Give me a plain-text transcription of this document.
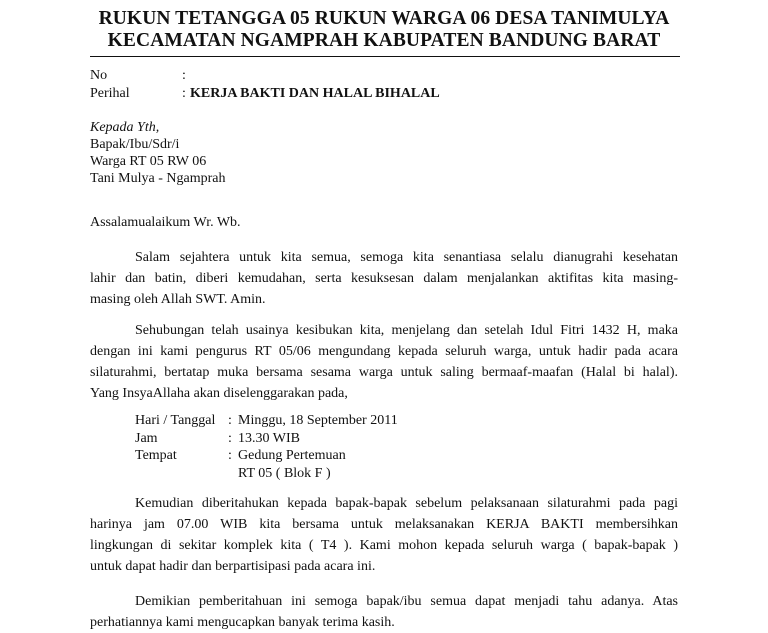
RUKUN TETANGGA 05 RUKUN WARGA 06 DESA TANIMULYA
KECAMATAN NGAMPRAH KABUPATEN BANDUNG BARAT
No	:
Perihal	: KERJA BAKTI DAN HALAL BIHALAL
Kepada Yth,
Bapak/Ibu/Sdr/i
Warga RT 05 RW 06
Tani Mulya - Ngamprah
Assalamualaikum Wr. Wb.
Salam sejahtera untuk kita semua, semoga kita senantiasa selalu dianugrahi kesehatan
lahir dan batin, diberi kemudahan, serta kesuksesan dalam menjalankan aktifitas kita masing-
masing oleh Allah SWT. Amin.
Sehubungan telah usainya kesibukan kita, menjelang dan setelah Idul Fitri 1432 H, maka
dengan ini kami pengurus RT 05/06 mengundang kepada seluruh warga, untuk hadir pada acara
silaturahmi, bertatap muka bersama sesama warga untuk saling bermaaf-maafan (Halal bi halal).
Yang InsyaAllaha akan diselenggarakan pada,
Hari / Tanggal : Minggu, 18 September 2011
Jam	: 13.30 WIB
Tempat	: Gedung Pertemuan
RT 05 ( Blok F )
Kemudian diberitahukan kepada bapak-bapak sebelum pelaksanaan silaturahmi pada pagi
harinya jam 07.00 WIB kita bersama untuk melaksanakan KERJA BAKTI membersihkan
lingkungan di sekitar komplek kita ( T4 ). Kami mohon kepada seluruh warga ( bapak-bapak )
untuk dapat hadir dan berpartisipasi pada acara ini.
Demikian pemberitahuan ini semoga bapak/ibu semua dapat menjadi tahu adanya. Atas
perhatiannya kami mengucapkan banyak terima kasih.
